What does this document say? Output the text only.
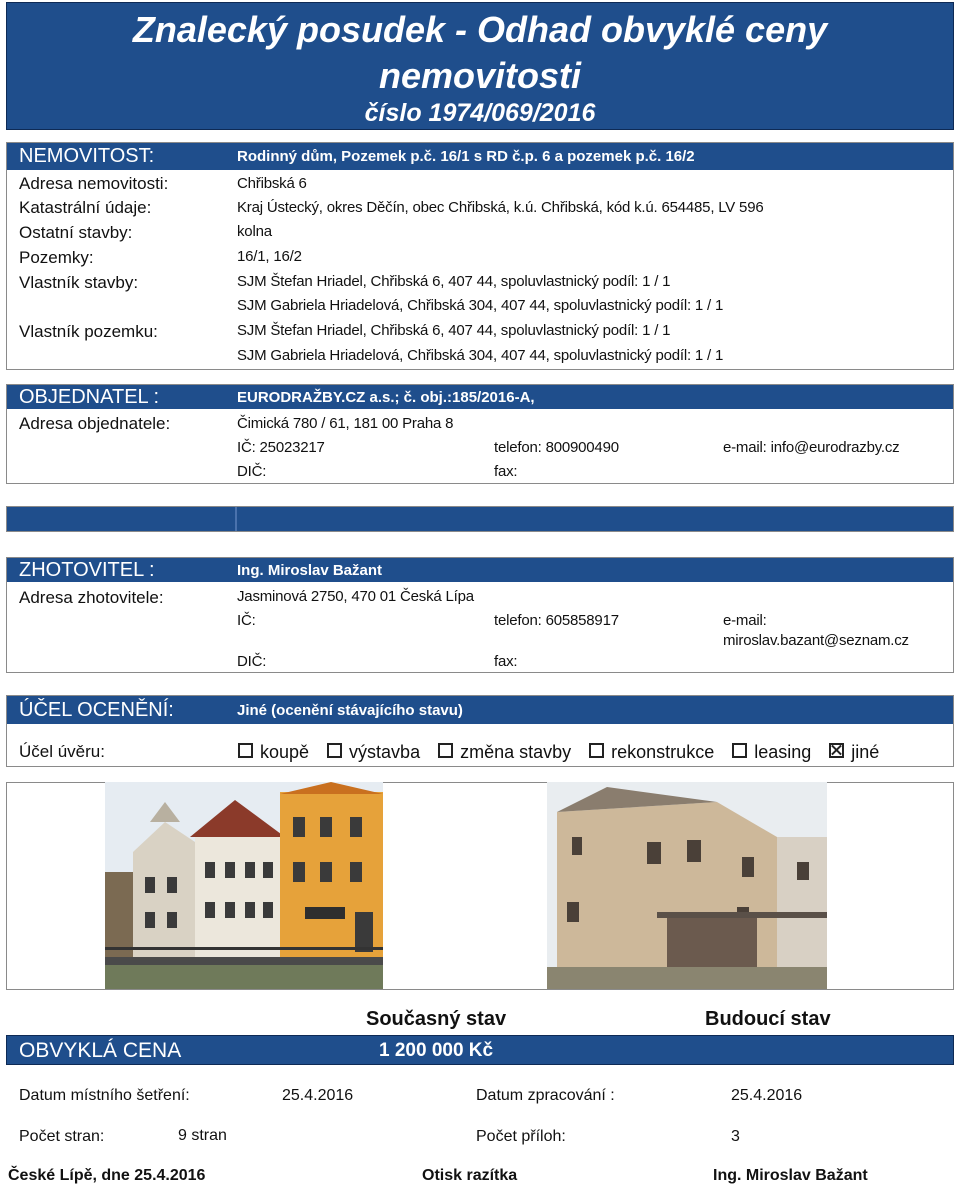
Znalecký posudek - Odhad obvyklé ceny
nemovitosti
číslo 1974/069/2016
NEMOVITOST:	Rodinný dům, Pozemek p.č. 16/1 s RD č.p. 6 a pozemek p.č. 16/2
Adresa nemovitosti:	Chřibská 6
Katastrální údaje:	Kraj Ústecký, okres Děčín, obec Chřibská, k.ú. Chřibská, kód k.ú. 654485, LV 596
Ostatní stavby:	kolna
Pozemky:	16/1, 16/2
Vlastník stavby:	SJM Štefan Hriadel, Chřibská 6, 407 44, spoluvlastnický podíl: 1 / 1
SJM Gabriela Hriadelová, Chřibská 304, 407 44, spoluvlastnický podíl: 1 / 1
Vlastník pozemku:	SJM Štefan Hriadel, Chřibská 6, 407 44, spoluvlastnický podíl: 1 / 1
SJM Gabriela Hriadelová, Chřibská 304, 407 44, spoluvlastnický podíl: 1 / 1
OBJEDNATEL :	EURODRAŽBY.CZ a.s.; č. obj.:185/2016-A,
Adresa objednatele:	Čimická 780 / 61, 181 00 Praha 8
IČ: 25023217	telefon: 800900490	e-mail: info@eurodrazby.cz
DIČ:	fax:
ZHOTOVITEL :	Ing. Miroslav Bažant
Adresa zhotovitele:	Jasminová 2750, 470 01 Česká Lípa
IČ:	telefon: 605858917	e-mail:
miroslav.bazant@seznam.cz
DIČ:	fax:
ÚČEL OCENĚNÍ:	Jiné (ocenění stávajícího stavu)
Účel úvěru:	koupě výstavba změna stavby rekonstrukce leasing jiné
Současný stav	Budoucí stav
OBVYKLÁ CENA	1 200 000 Kč
Datum místního šetření:	25.4.2016	Datum zpracování :	25.4.2016
Počet stran:	9 stran	Počet příloh:	3
České Lípě, dne 25.4.2016	Otisk razítka	Ing. Miroslav Bažant
